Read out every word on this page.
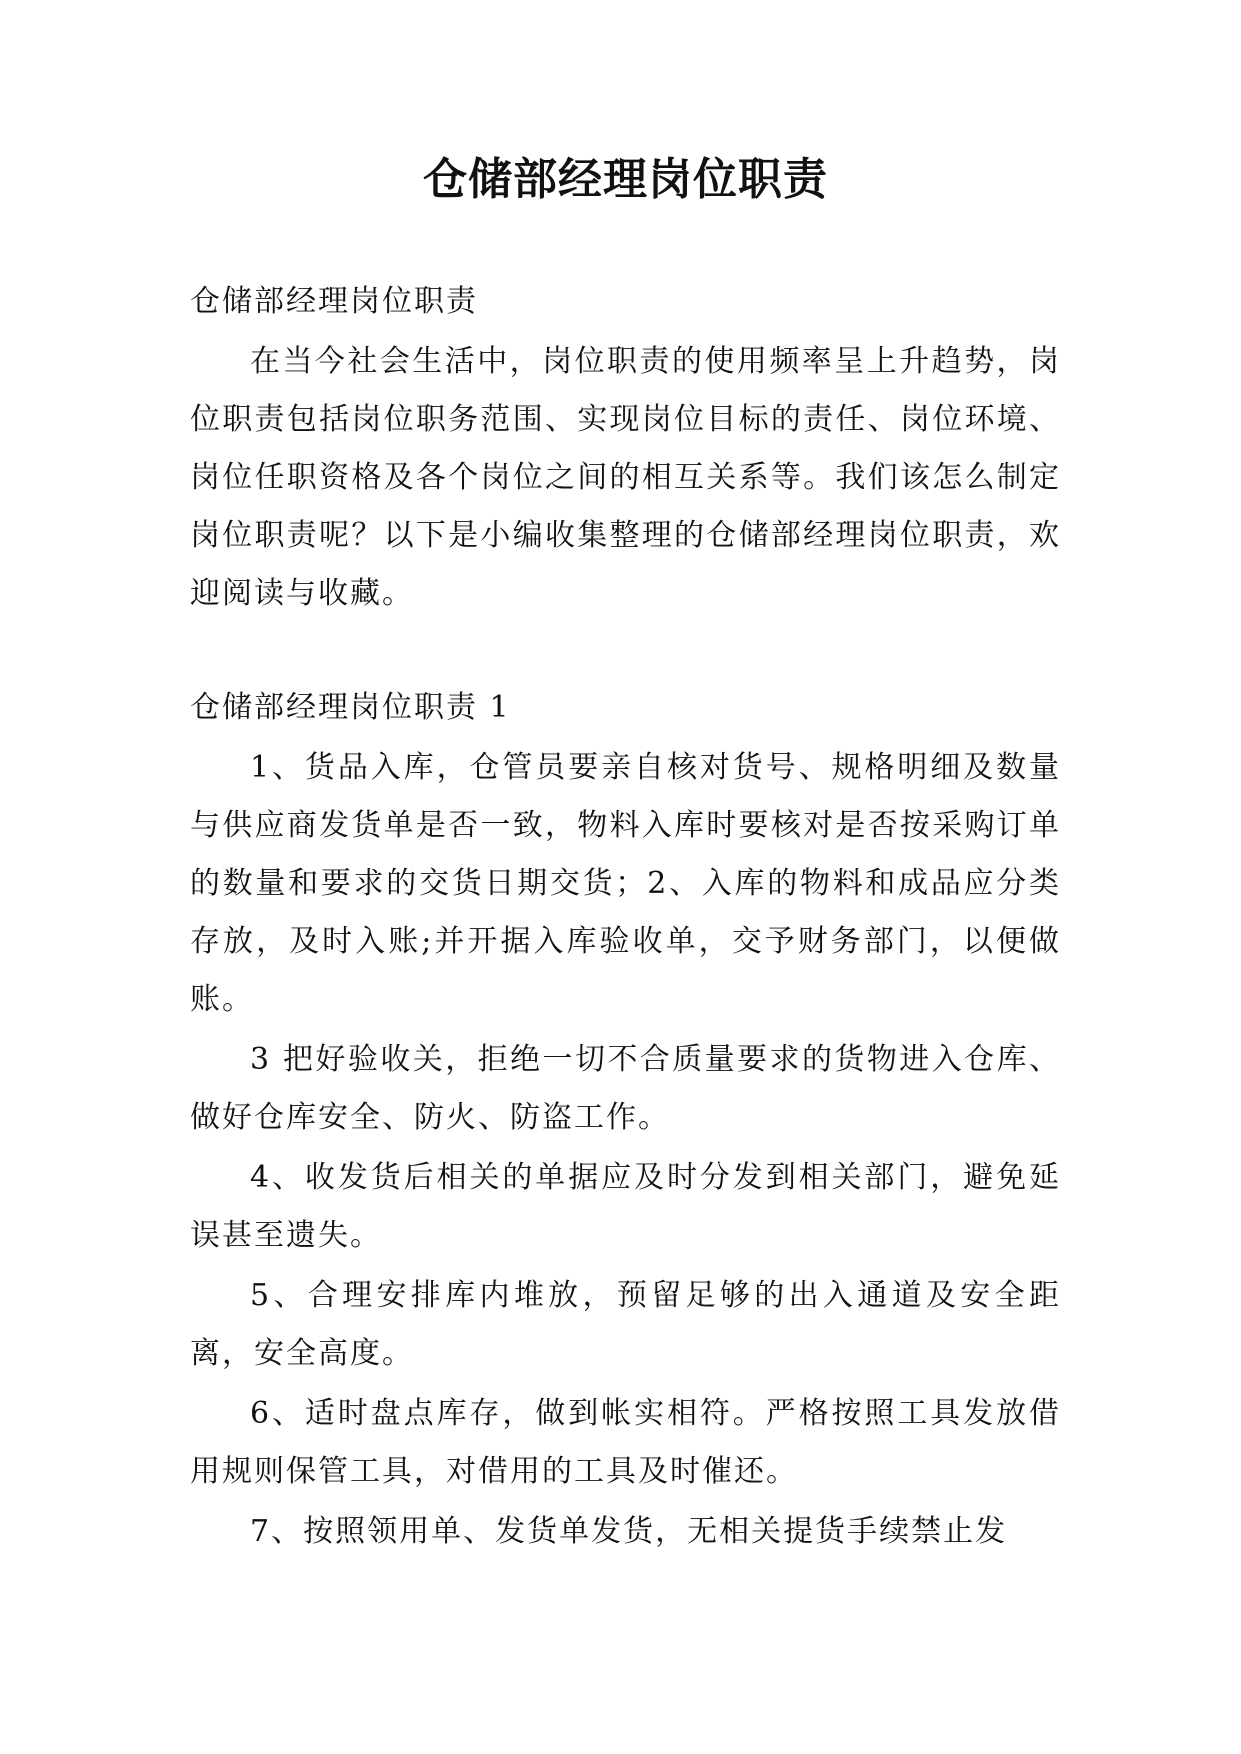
仓储部经理岗位职责

仓储部经理岗位职责

在当今社会生活中，岗位职责的使用频率呈上升趋势，岗位职责包括岗位职务范围、实现岗位目标的责任、岗位环境、岗位任职资格及各个岗位之间的相互关系等。我们该怎么制定岗位职责呢？以下是小编收集整理的仓储部经理岗位职责，欢迎阅读与收藏。

仓储部经理岗位职责 1

1、货品入库，仓管员要亲自核对货号、规格明细及数量与供应商发货单是否一致，物料入库时要核对是否按采购订单的数量和要求的交货日期交货；2、入库的物料和成品应分类存放，及时入账;并开据入库验收单，交予财务部门，以便做账。

3 把好验收关，拒绝一切不合质量要求的货物进入仓库、做好仓库安全、防火、防盗工作。

4、收发货后相关的单据应及时分发到相关部门，避免延误甚至遗失。

5、合理安排库内堆放，预留足够的出入通道及安全距离，安全高度。

6、适时盘点库存，做到帐实相符。严格按照工具发放借用规则保管工具，对借用的工具及时催还。

7、按照领用单、发货单发货，无相关提货手续禁止发
